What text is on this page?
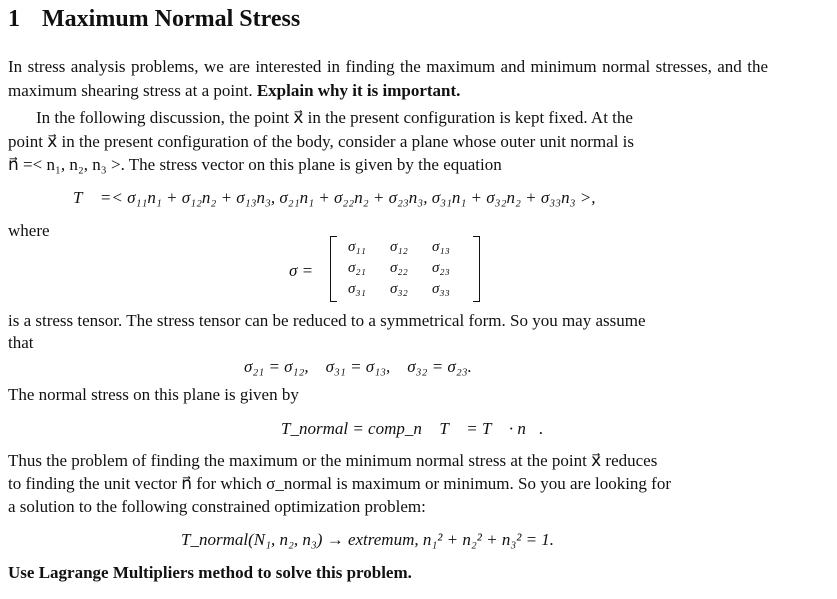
1 Maximum Normal Stress
In stress analysis problems, we are interested in finding the maximum and minimum normal stresses, and the maximum shearing stress at a point. Explain why it is important.
In the following discussion, the point x⃗ in the present configuration is kept fixed. At the
point x⃗ in the present configuration of the body, consider a plane whose outer unit normal is
n⃗ =< n₁, n₂, n₃ >. The stress vector on this plane is given by the equation
T⃗ =< σ₁₁n₁ + σ₁₂n₂ + σ₁₃n₃, σ₂₁n₁ + σ₂₂n₂ + σ₂₃n₃, σ₃₁n₁ + σ₃₂n₂ + σ₃₃n₃ >,
where
σ =
σ₁₁ σ₁₂ σ₁₃
σ₂₁ σ₂₂ σ₂₃
σ₃₁ σ₃₂ σ₃₃
is a stress tensor. The stress tensor can be reduced to a symmetrical form. So you may assume
that
σ₂₁ = σ₁₂,    σ₃₁ = σ₁₃,    σ₃₂ = σ₂₃.
The normal stress on this plane is given by
T_normal = comp_n⃗ T⃗ = T⃗ · n⃗.
Thus the problem of finding the maximum or the minimum normal stress at the point x⃗ reduces
to finding the unit vector n⃗ for which σ_normal is maximum or minimum. So you are looking for
a solution to the following constrained optimization problem:
T_normal(N₁, n₂, n₃) → extremum, n₁² + n₂² + n₃² = 1.
Use Lagrange Multipliers method to solve this problem.
